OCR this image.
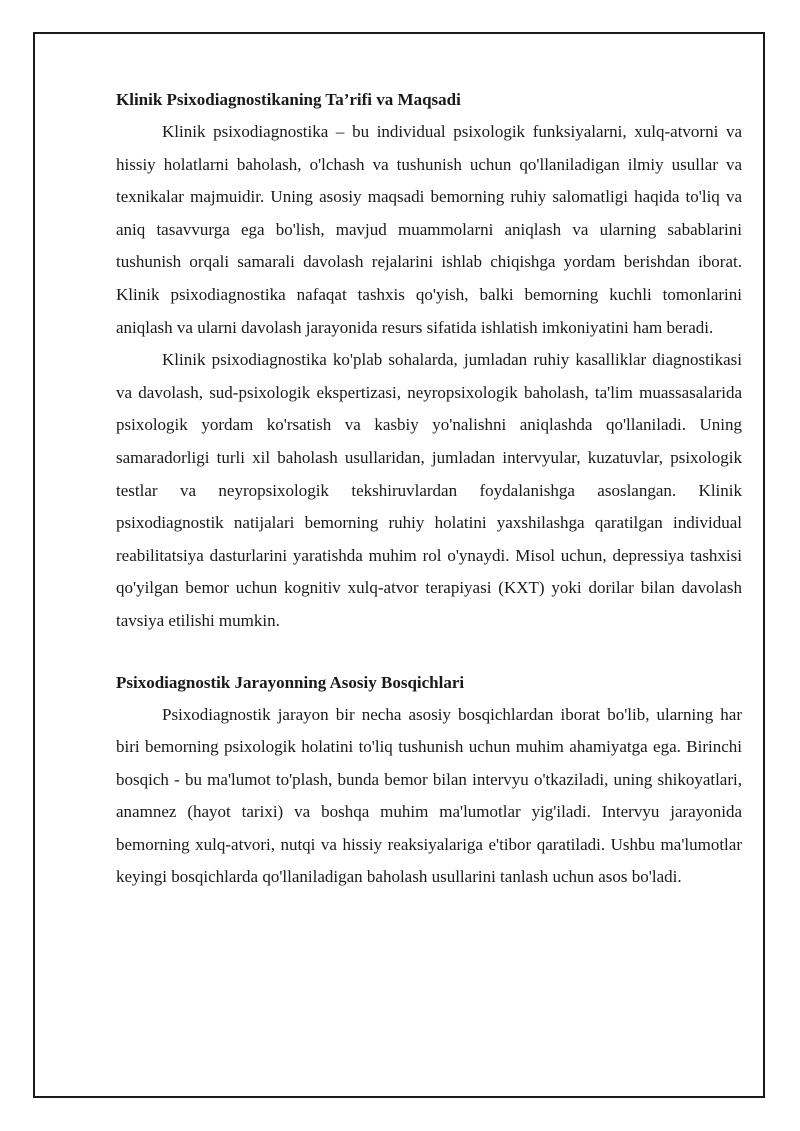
Klinik Psixodiagnostikaning Ta’rifi va Maqsadi

Klinik psixodiagnostika – bu individual psixologik funksiyalarni, xulq-atvorni va hissiy holatlarni baholash, o'lchash va tushunish uchun qo'llaniladigan ilmiy usullar va texnikalar majmuidir. Uning asosiy maqsadi bemorning ruhiy salomatligi haqida to'liq va aniq tasavvurga ega bo'lish, mavjud muammolarni aniqlash va ularning sabablarini tushunish orqali samarali davolash rejalarini ishlab chiqishga yordam berishdan iborat. Klinik psixodiagnostika nafaqat tashxis qo'yish, balki bemorning kuchli tomonlarini aniqlash va ularni davolash jarayonida resurs sifatida ishlatish imkoniyatini ham beradi.

Klinik psixodiagnostika ko'plab sohalarda, jumladan ruhiy kasalliklar diagnostikasi va davolash, sud-psixologik ekspertizasi, neyropsixologik baholash, ta'lim muassasalarida psixologik yordam ko'rsatish va kasbiy yo'nalishni aniqlashda qo'llaniladi. Uning samaradorligi turli xil baholash usullaridan, jumladan intervyular, kuzatuvlar, psixologik testlar va neyropsixologik tekshiruvlardan foydalanishga asoslangan. Klinik psixodiagnostik natijalari bemorning ruhiy holatini yaxshilashga qaratilgan individual reabilitatsiya dasturlarini yaratishda muhim rol o'ynaydi. Misol uchun, depressiya tashxisi qo'yilgan bemor uchun kognitiv xulq-atvor terapiyasi (KXT) yoki dorilar bilan davolash tavsiya etilishi mumkin.

Psixodiagnostik Jarayonning Asosiy Bosqichlari

Psixodiagnostik jarayon bir necha asosiy bosqichlardan iborat bo'lib, ularning har biri bemorning psixologik holatini to'liq tushunish uchun muhim ahamiyatga ega. Birinchi bosqich - bu ma'lumot to'plash, bunda bemor bilan intervyu o'tkaziladi, uning shikoyatlari, anamnez (hayot tarixi) va boshqa muhim ma'lumotlar yig'iladi. Intervyu jarayonida bemorning xulq-atvori, nutqi va hissiy reaksiyalariga e'tibor qaratiladi. Ushbu ma'lumotlar keyingi bosqichlarda qo'llaniladigan baholash usullarini tanlash uchun asos bo'ladi.
